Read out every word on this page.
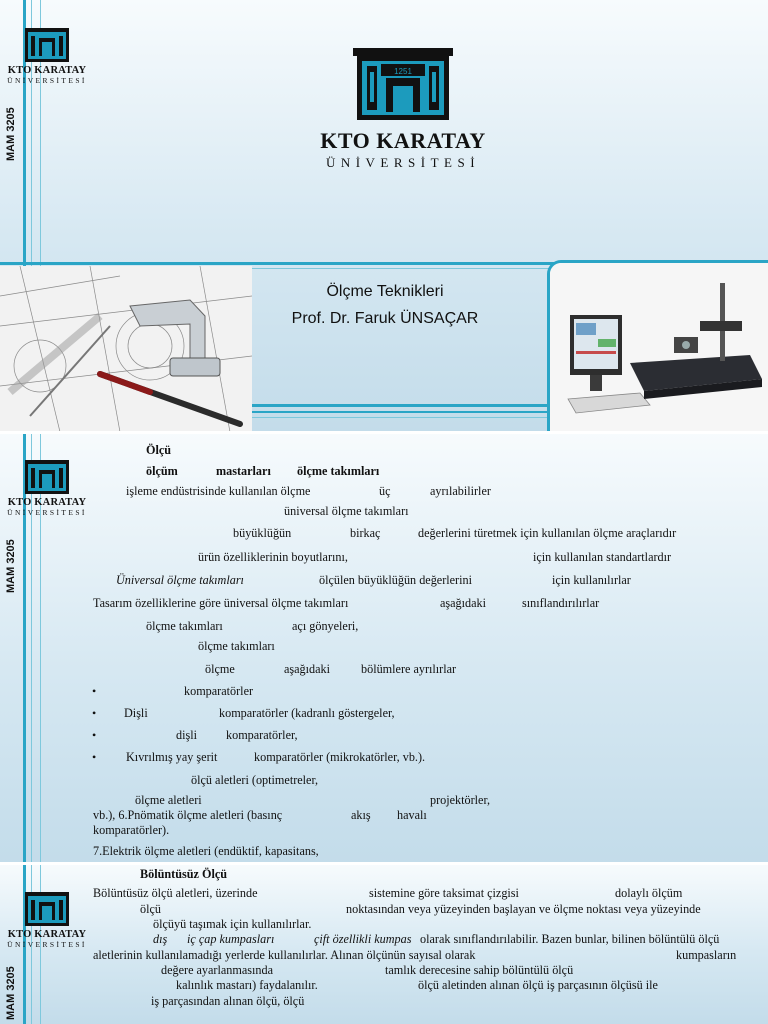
KTO KARATAY
ÜNİVERSİTESİ
MAM 3205
1251
KTO KARATAY
ÜNİVERSİTESİ
Ölçme Teknikleri
Prof. Dr. Faruk ÜNSAÇAR
KTO KARATAY
ÜNİVERSİTESİ
MAM 3205
Ölçü
ölçüm	mastarları ölçme takımları
işleme endüstrisinde kullanılan ölçme	üç	ayrılabilirler
üniversal ölçme takımları
büyüklüğün	birkaç	değerlerini türetmek için kullanılan ölçme araçlarıdır
ürün özelliklerinin boyutlarını,	için kullanılan standartlardır
Üniversal ölçme takımları	ölçülen büyüklüğün değerlerini	için kullanılırlar
Tasarım özelliklerine göre üniversal ölçme takımları	aşağıdaki	sınıflandırılırlar
ölçme takımları	açı gönyeleri,
ölçme takımları
ölçme	aşağıdaki	bölümlere ayrılırlar
•	komparatörler
• Dişli	komparatörler (kadranlı göstergeler,
•	dişli komparatörler,
• Kıvrılmış yay şerit	komparatörler (mikrokatörler, vb.).
ölçü aletleri (optimetreler,
ölçme aletleri	projektörler,
vb.), 6.Pnömatik ölçme aletleri (basınç	akış havalı
komparatörler).
7.Elektrik ölçme aletleri (endüktif, kapasitans,
KTO KARATAY
ÜNİVERSİTESİ
MAM 3205
Bölüntüsüz Ölçü
Bölüntüsüz ölçü aletleri, üzerinde	sistemine göre taksimat çizgisi	dolaylı ölçüm
ölçü	noktasından veya yüzeyinden başlayan ve ölçme noktası veya yüzeyinde
ölçüyü taşımak için kullanılırlar.
dış iç çap kumpasları	çift özellikli kumpas olarak sınıflandırılabilir. Bazen bunlar, bilinen bölüntülü ölçü
aletlerinin kullanılamadığı yerlerde kullanılırlar. Alınan ölçünün sayısal olarak	kumpasların
değere ayarlanmasında	tamlık derecesine sahip bölüntülü ölçü
kalınlık mastarı) faydalanılır.	ölçü aletinden alınan ölçü iş parçasının ölçüsü ile
iş parçasından alınan ölçü, ölçü
